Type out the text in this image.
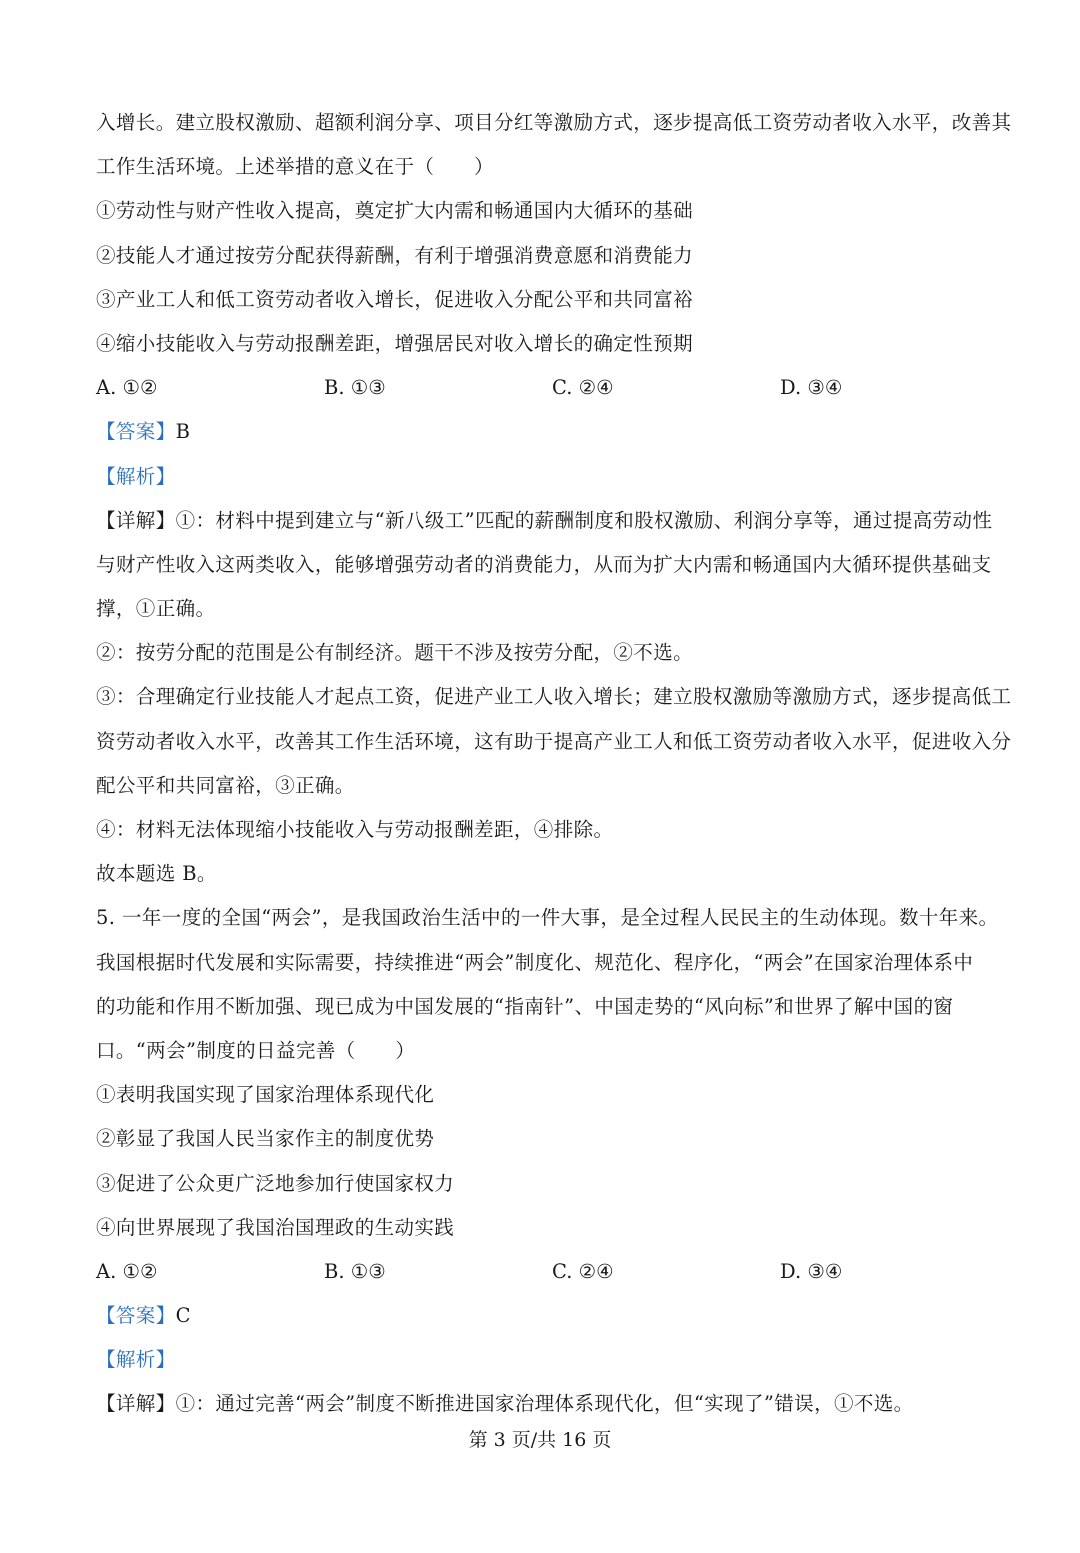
入增长。建立股权激励、超额利润分享、项目分红等激励方式，逐步提高低工资劳动者收入水平，改善其
工作生活环境。上述举措的意义在于（　　）
①劳动性与财产性收入提高，奠定扩大内需和畅通国内大循环的基础
②技能人才通过按劳分配获得薪酬，有利于增强消费意愿和消费能力
③产业工人和低工资劳动者收入增长，促进收入分配公平和共同富裕
④缩小技能收入与劳动报酬差距，增强居民对收入增长的确定性预期
A. ①②	B. ①③	C. ②④	D. ③④
【答案】B
【解析】
【详解】①：材料中提到建立与“新八级工”匹配的薪酬制度和股权激励、利润分享等，通过提高劳动性
与财产性收入这两类收入，能够增强劳动者的消费能力，从而为扩大内需和畅通国内大循环提供基础支
撑，①正确。
②：按劳分配的范围是公有制经济。题干不涉及按劳分配，②不选。
③：合理确定行业技能人才起点工资，促进产业工人收入增长；建立股权激励等激励方式，逐步提高低工
资劳动者收入水平，改善其工作生活环境，这有助于提高产业工人和低工资劳动者收入水平，促进收入分
配公平和共同富裕，③正确。
④：材料无法体现缩小技能收入与劳动报酬差距，④排除。
故本题选 B。
5. 一年一度的全国“两会”，是我国政治生活中的一件大事，是全过程人民民主的生动体现。数十年来。
我国根据时代发展和实际需要，持续推进“两会”制度化、规范化、程序化，“两会”在国家治理体系中
的功能和作用不断加强、现已成为中国发展的“指南针”、中国走势的“风向标”和世界了解中国的窗
口。“两会”制度的日益完善（　　）
①表明我国实现了国家治理体系现代化
②彰显了我国人民当家作主的制度优势
③促进了公众更广泛地参加行使国家权力
④向世界展现了我国治国理政的生动实践
A. ①②	B. ①③	C. ②④	D. ③④
【答案】C
【解析】
【详解】①：通过完善“两会”制度不断推进国家治理体系现代化，但“实现了”错误，①不选。
第 3 页/共 16 页
